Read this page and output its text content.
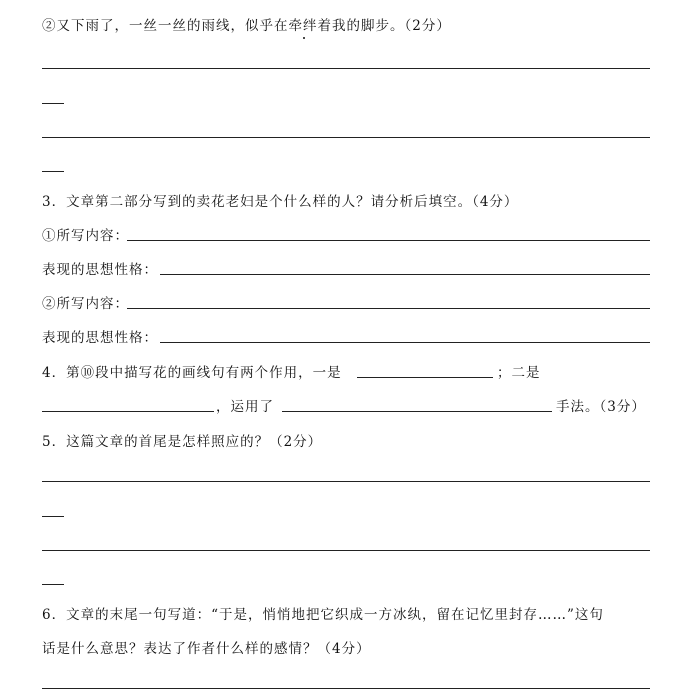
②又下雨了，一丝一丝的雨线，似乎在牵绊着我的脚步。（2分）
3．文章第二部分写到的卖花老妇是个什么样的人？请分析后填空。（4分）
①所写内容：
表现的思想性格：
②所写内容：
表现的思想性格：
4．第⑩段中描写花的画线句有两个作用，一是	；二是
，运用了	手法。（3分）
5．这篇文章的首尾是怎样照应的？（2分）
6．文章的末尾一句写道：“于是，悄悄地把它织成一方冰纨，留在记忆里封存……”这句
话是什么意思？表达了作者什么样的感情？（4分）
